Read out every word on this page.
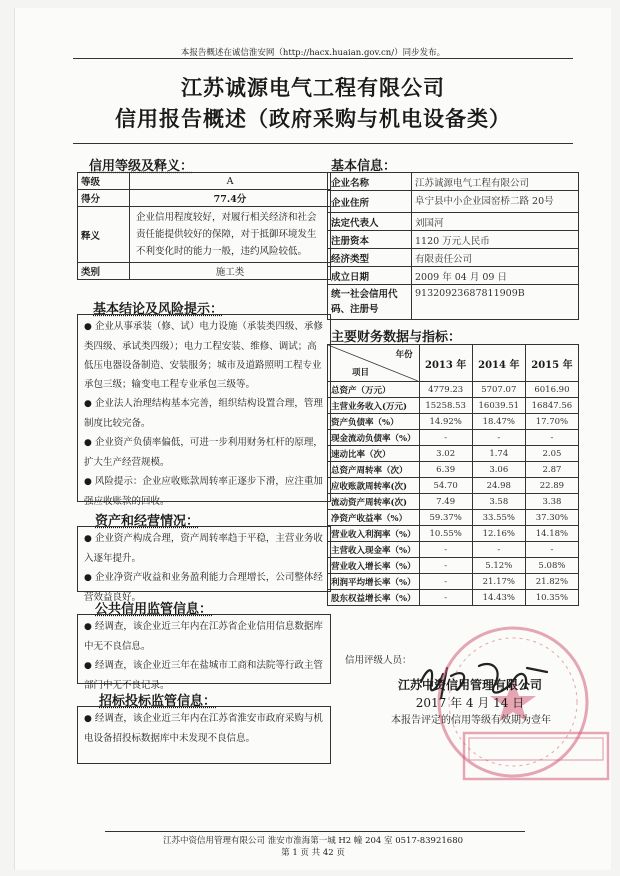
本报告概述在诚信淮安网（http://hacx.huaian.gov.cn/）同步发布。
江苏诚源电气工程有限公司
信用报告概述（政府采购与机电设备类）
信用等级及释义：
等级	A
得分	77.4分
释义	企业信用程度较好，对履行相关经济和社会责任能提供较好的保障，对于抵御环境发生不利变化时的能力一般，违约风险较低。
类别	施工类
基本结论及风险提示：
● 企业从事承装（修、试）电力设施（承装类四级、承修类四级、承试类四级）；电力工程安装、维修、调试；高低压电器设备制造、安装服务；城市及道路照明工程专业承包三级；输变电工程专业承包三级等。
● 企业法人治理结构基本完善，组织结构设置合理，管理制度比较完备。
● 企业资产负债率偏低，可进一步利用财务杠杆的原理，扩大生产经营规模。
● 风险提示：企业应收账款周转率正逐步下滑，应注重加强应收账款的回收。
资产和经营情况：
● 企业资产构成合理，资产周转率趋于平稳，主营业务收入逐年提升。
● 企业净资产收益和业务盈利能力合理增长，公司整体经营效益良好。
公共信用监管信息：
● 经调查，该企业近三年内在江苏省企业信用信息数据库中无不良信息。
● 经调查，该企业近三年在盐城市工商和法院等行政主管部门中无不良记录。
招标投标监管信息：
● 经调查，该企业近三年内在江苏省淮安市政府采购与机电设备招投标数据库中未发现不良信息。
基本信息：
企业名称	江苏诚源电气工程有限公司
企业住所	阜宁县中小企业园窑桥二路 20号
法定代表人	刘国河
注册资本	1120 万元人民币
经济类型	有限责任公司
成立日期	2009 年 04 月 09 日
统一社会信用代码、注册号	91320923687811909B
主要财务数据与指标：
年份
项目	2013 年	2014 年	2015 年
总资产（万元）	4779.23	5707.07	6016.90
主营业务收入(万元)	15258.53	16039.51	16847.56
资产负债率（%）	14.92%	18.47%	17.70%
现金流动负债率（%）	-	-	-
速动比率（次）	3.02	1.74	2.05
总资产周转率（次）	6.39	3.06	2.87
应收账款周转率(次)	54.70	24.98	22.89
流动资产周转率(次)	7.49	3.58	3.38
净资产收益率（%）	59.37%	33.55%	37.30%
营业收入利润率（%）	10.55%	12.16%	14.18%
主营收入现金率（%）	-	-	-
营业收入增长率（%）	-	5.12%	5.08%
利润平均增长率（%）	-	21.17%	21.82%
股东权益增长率（%）	-	14.43%	10.35%
信用评级人员：
江苏中资信用管理有限公司
2017 年 4 月 14 日
本报告评定的信用等级有效期为壹年
江苏中资信用管理有限公司 淮安市淮海第一城 H2 幢 204 室 0517-83921680
第 1 页 共 42 页
